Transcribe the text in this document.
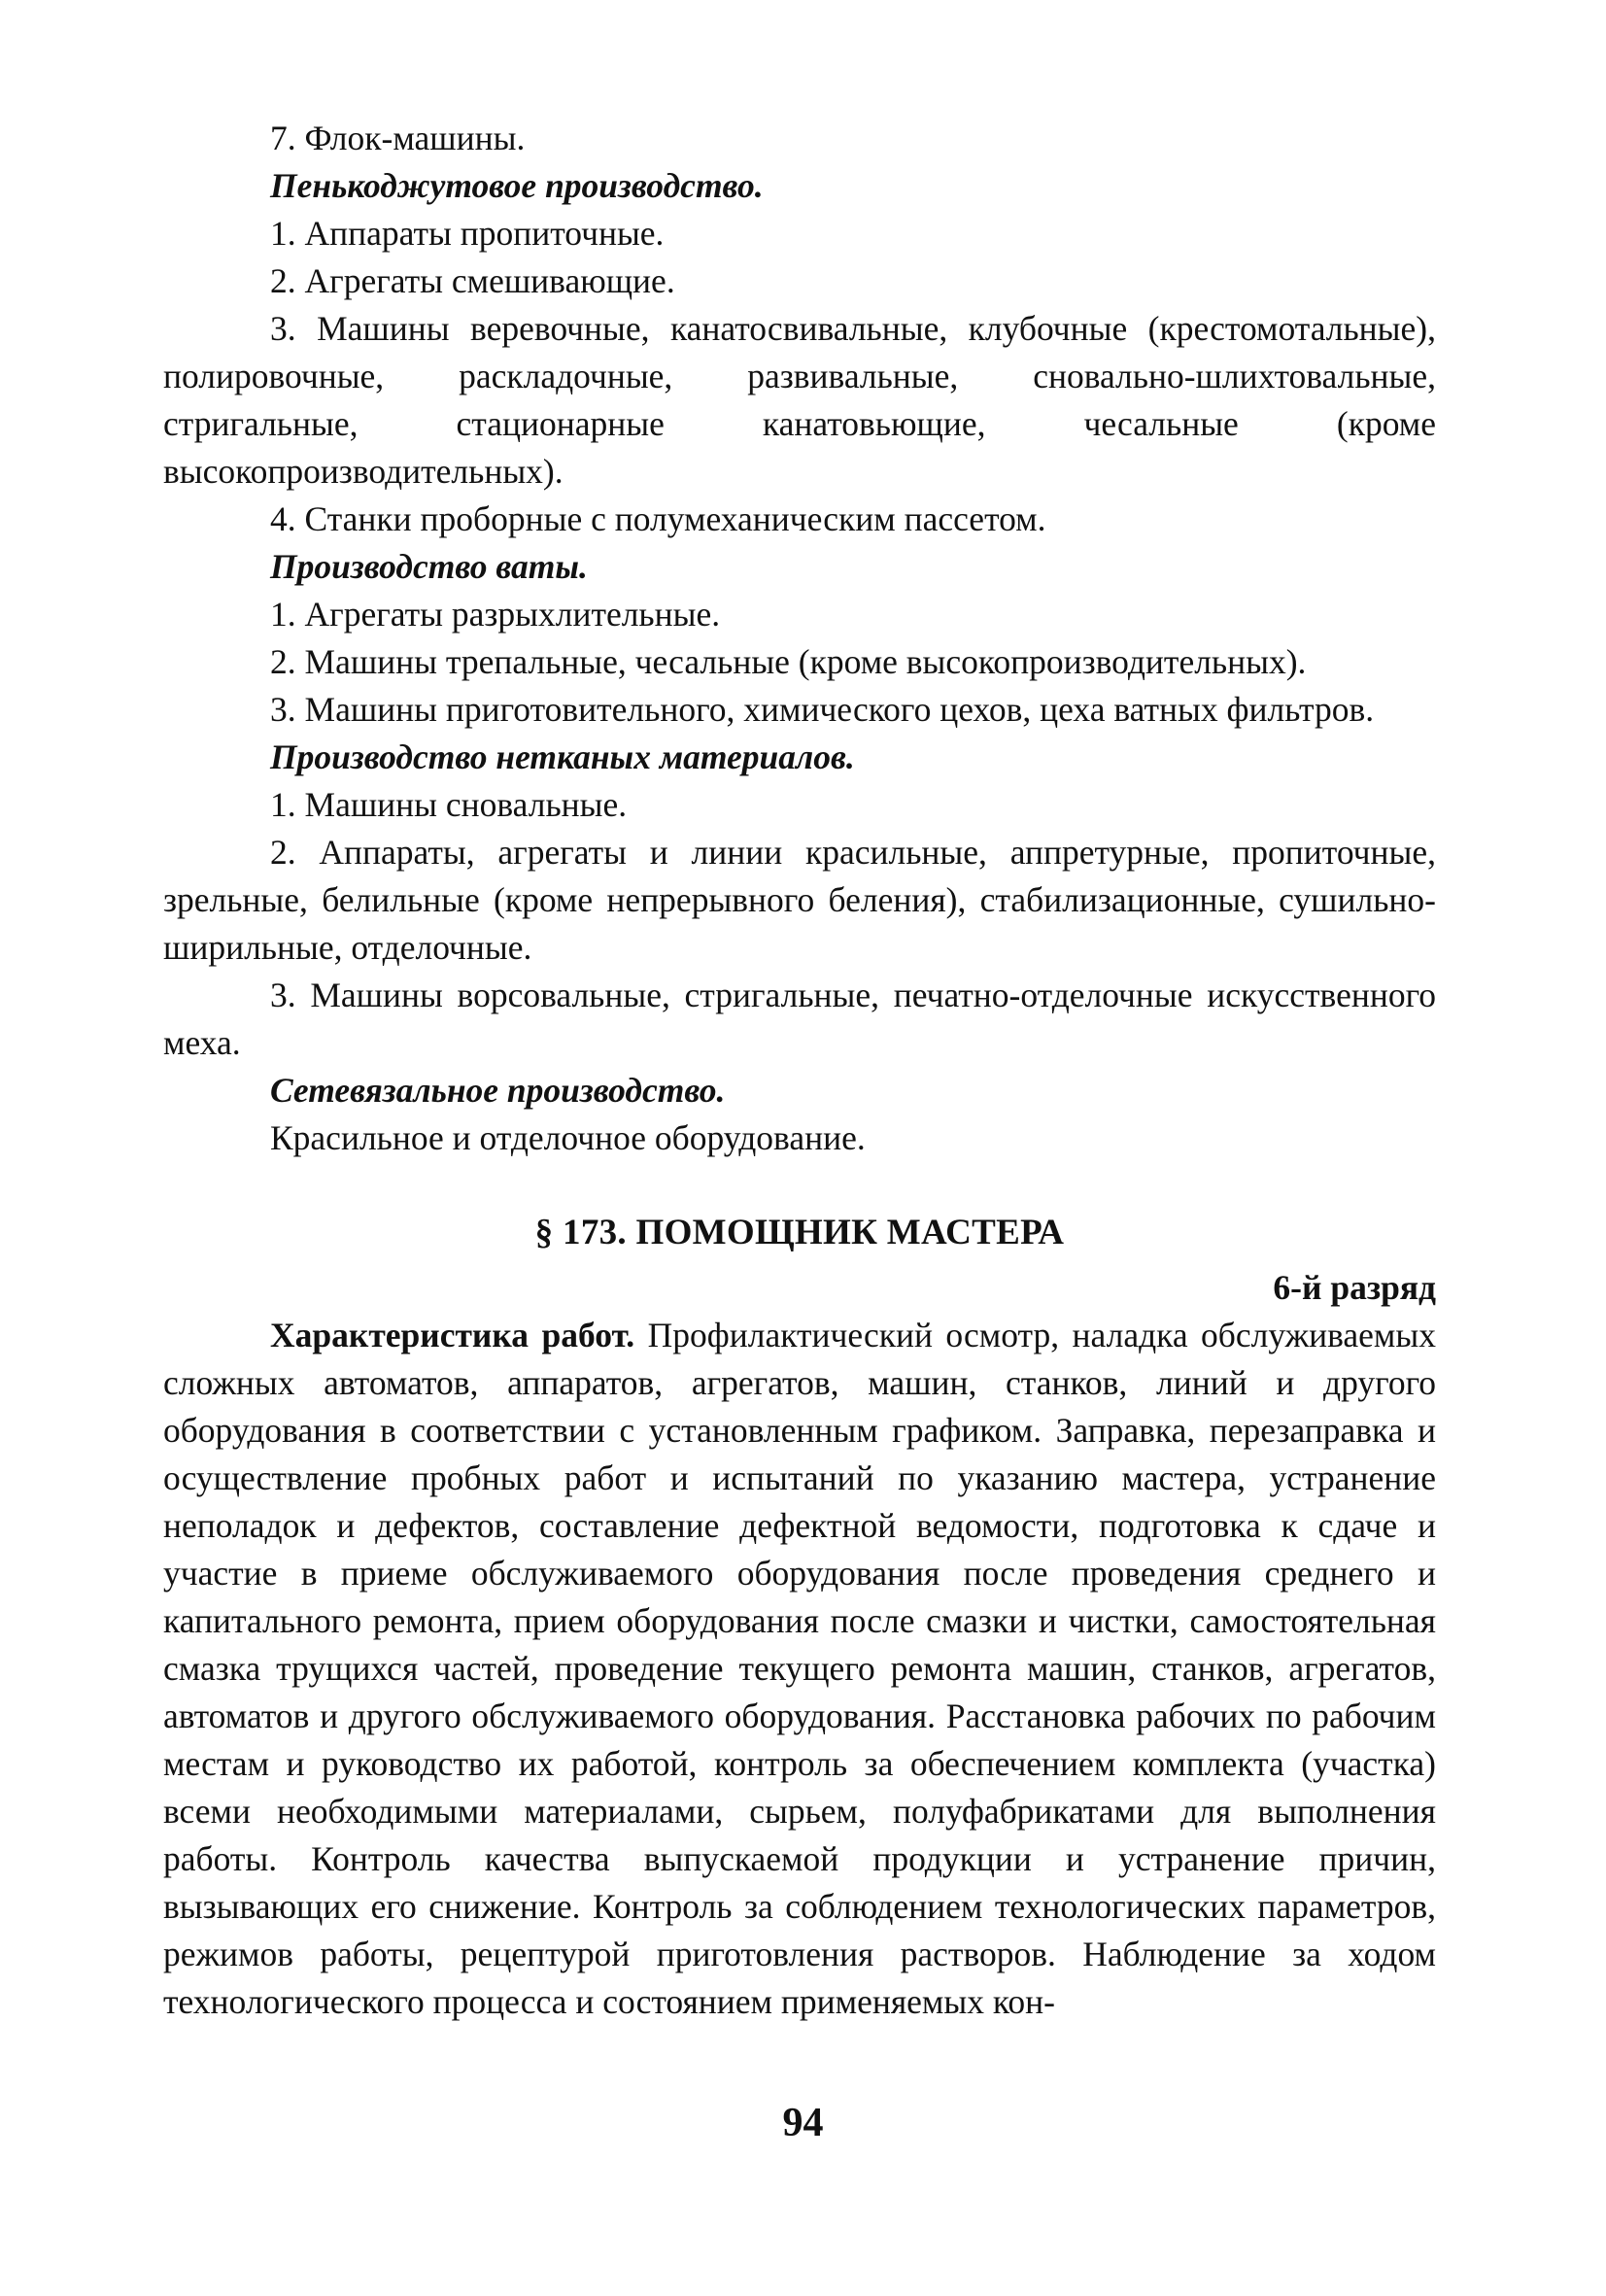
7. Флок-машины.

Пенькоджутовое производство.

1. Аппараты пропиточные.

2. Агрегаты смешивающие.

3. Машины веревочные, канатосвивальные, клубочные (крестомотальные), полировочные, раскладочные, развивальные, сновально-шлихтовальные, стригальные, стационарные канатовьющие, чесальные (кроме высокопроизводительных).

4. Станки проборные с полумеханическим пассетом.

Производство ваты.

1. Агрегаты разрыхлительные.

2. Машины трепальные, чесальные (кроме высокопроизводительных).

3. Машины приготовительного, химического цехов, цеха ватных фильтров.

Производство нетканых материалов.

1. Машины сновальные.

2. Аппараты, агрегаты и линии красильные, аппретурные, пропиточные, зрельные, белильные (кроме непрерывного беления), стабилизационные, сушильно-ширильные, отделочные.

3. Машины ворсовальные, стригальные, печатно-отделочные искусственного меха.

Сетевязальное производство.

Красильное и отделочное оборудование.

§ 173. ПОМОЩНИК МАСТЕРА
6-й разряд

Характеристика работ. Профилактический осмотр, наладка обслуживаемых сложных автоматов, аппаратов, агрегатов, машин, станков, линий и другого оборудования в соответствии с установленным графиком. Заправка, перезаправка и осуществление пробных работ и испытаний по указанию мастера, устранение неполадок и дефектов, составление дефектной ведомости, подготовка к сдаче и участие в приеме обслуживаемого оборудования после проведения среднего и капитального ремонта, прием оборудования после смазки и чистки, самостоятельная смазка трущихся частей, проведение текущего ремонта машин, станков, агрегатов, автоматов и другого обслуживаемого оборудования. Расстановка рабочих по рабочим местам и руководство их работой, контроль за обеспечением комплекта (участка) всеми необходимыми материалами, сырьем, полуфабрикатами для выполнения работы. Контроль качества выпускаемой продукции и устранение причин, вызывающих его снижение. Контроль за соблюдением технологических параметров, режимов работы, рецептурой приготовления растворов. Наблюдение за ходом технологического процесса и состоянием применяемых кон-

94
